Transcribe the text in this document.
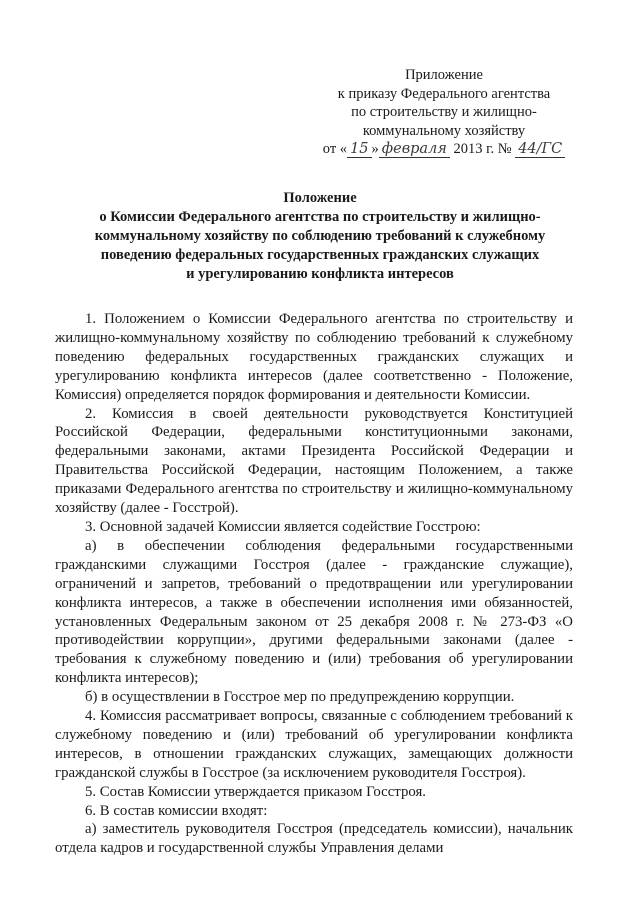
Приложение
к приказу Федерального агентства
по строительству и жилищно-
коммунальному хозяйству
от « 15 » февраля 2013 г. № 44/ГС
Положение
о Комиссии Федерального агентства по строительству и жилищно-
коммунальному хозяйству по соблюдению требований к служебному
поведению федеральных государственных гражданских служащих
и урегулированию конфликта интересов

1. Положением о Комиссии Федерального агентства по строительству и жилищно-коммунальному хозяйству по соблюдению требований к служебному поведению федеральных государственных гражданских служащих и урегулированию конфликта интересов (далее соответственно - Положение, Комиссия) определяется порядок формирования и деятельности Комиссии.

2. Комиссия в своей деятельности руководствуется Конституцией Российской Федерации, федеральными конституционными законами, федеральными законами, актами Президента Российской Федерации и Правительства Российской Федерации, настоящим Положением, а также приказами Федерального агентства по строительству и жилищно-коммунальному хозяйству (далее - Госстрой).

3. Основной задачей Комиссии является содействие Госстрою:

а) в обеспечении соблюдения федеральными государственными гражданскими служащими Госстроя (далее - гражданские служащие), ограничений и запретов, требований о предотвращении или урегулировании конфликта интересов, а также в обеспечении исполнения ими обязанностей, установленных Федеральным законом от 25 декабря 2008 г. № 273-ФЗ «О противодействии коррупции», другими федеральными законами (далее - требования к служебному поведению и (или) требования об урегулировании конфликта интересов);

б) в осуществлении в Госстрое мер по предупреждению коррупции.

4. Комиссия рассматривает вопросы, связанные с соблюдением требований к служебному поведению и (или) требований об урегулировании конфликта интересов, в отношении гражданских служащих, замещающих должности гражданской службы в Госстрое (за исключением руководителя Госстроя).

5. Состав Комиссии утверждается приказом Госстроя.

6. В состав комиссии входят:

а) заместитель руководителя Госстроя (председатель комиссии), начальник отдела кадров и государственной службы Управления делами
